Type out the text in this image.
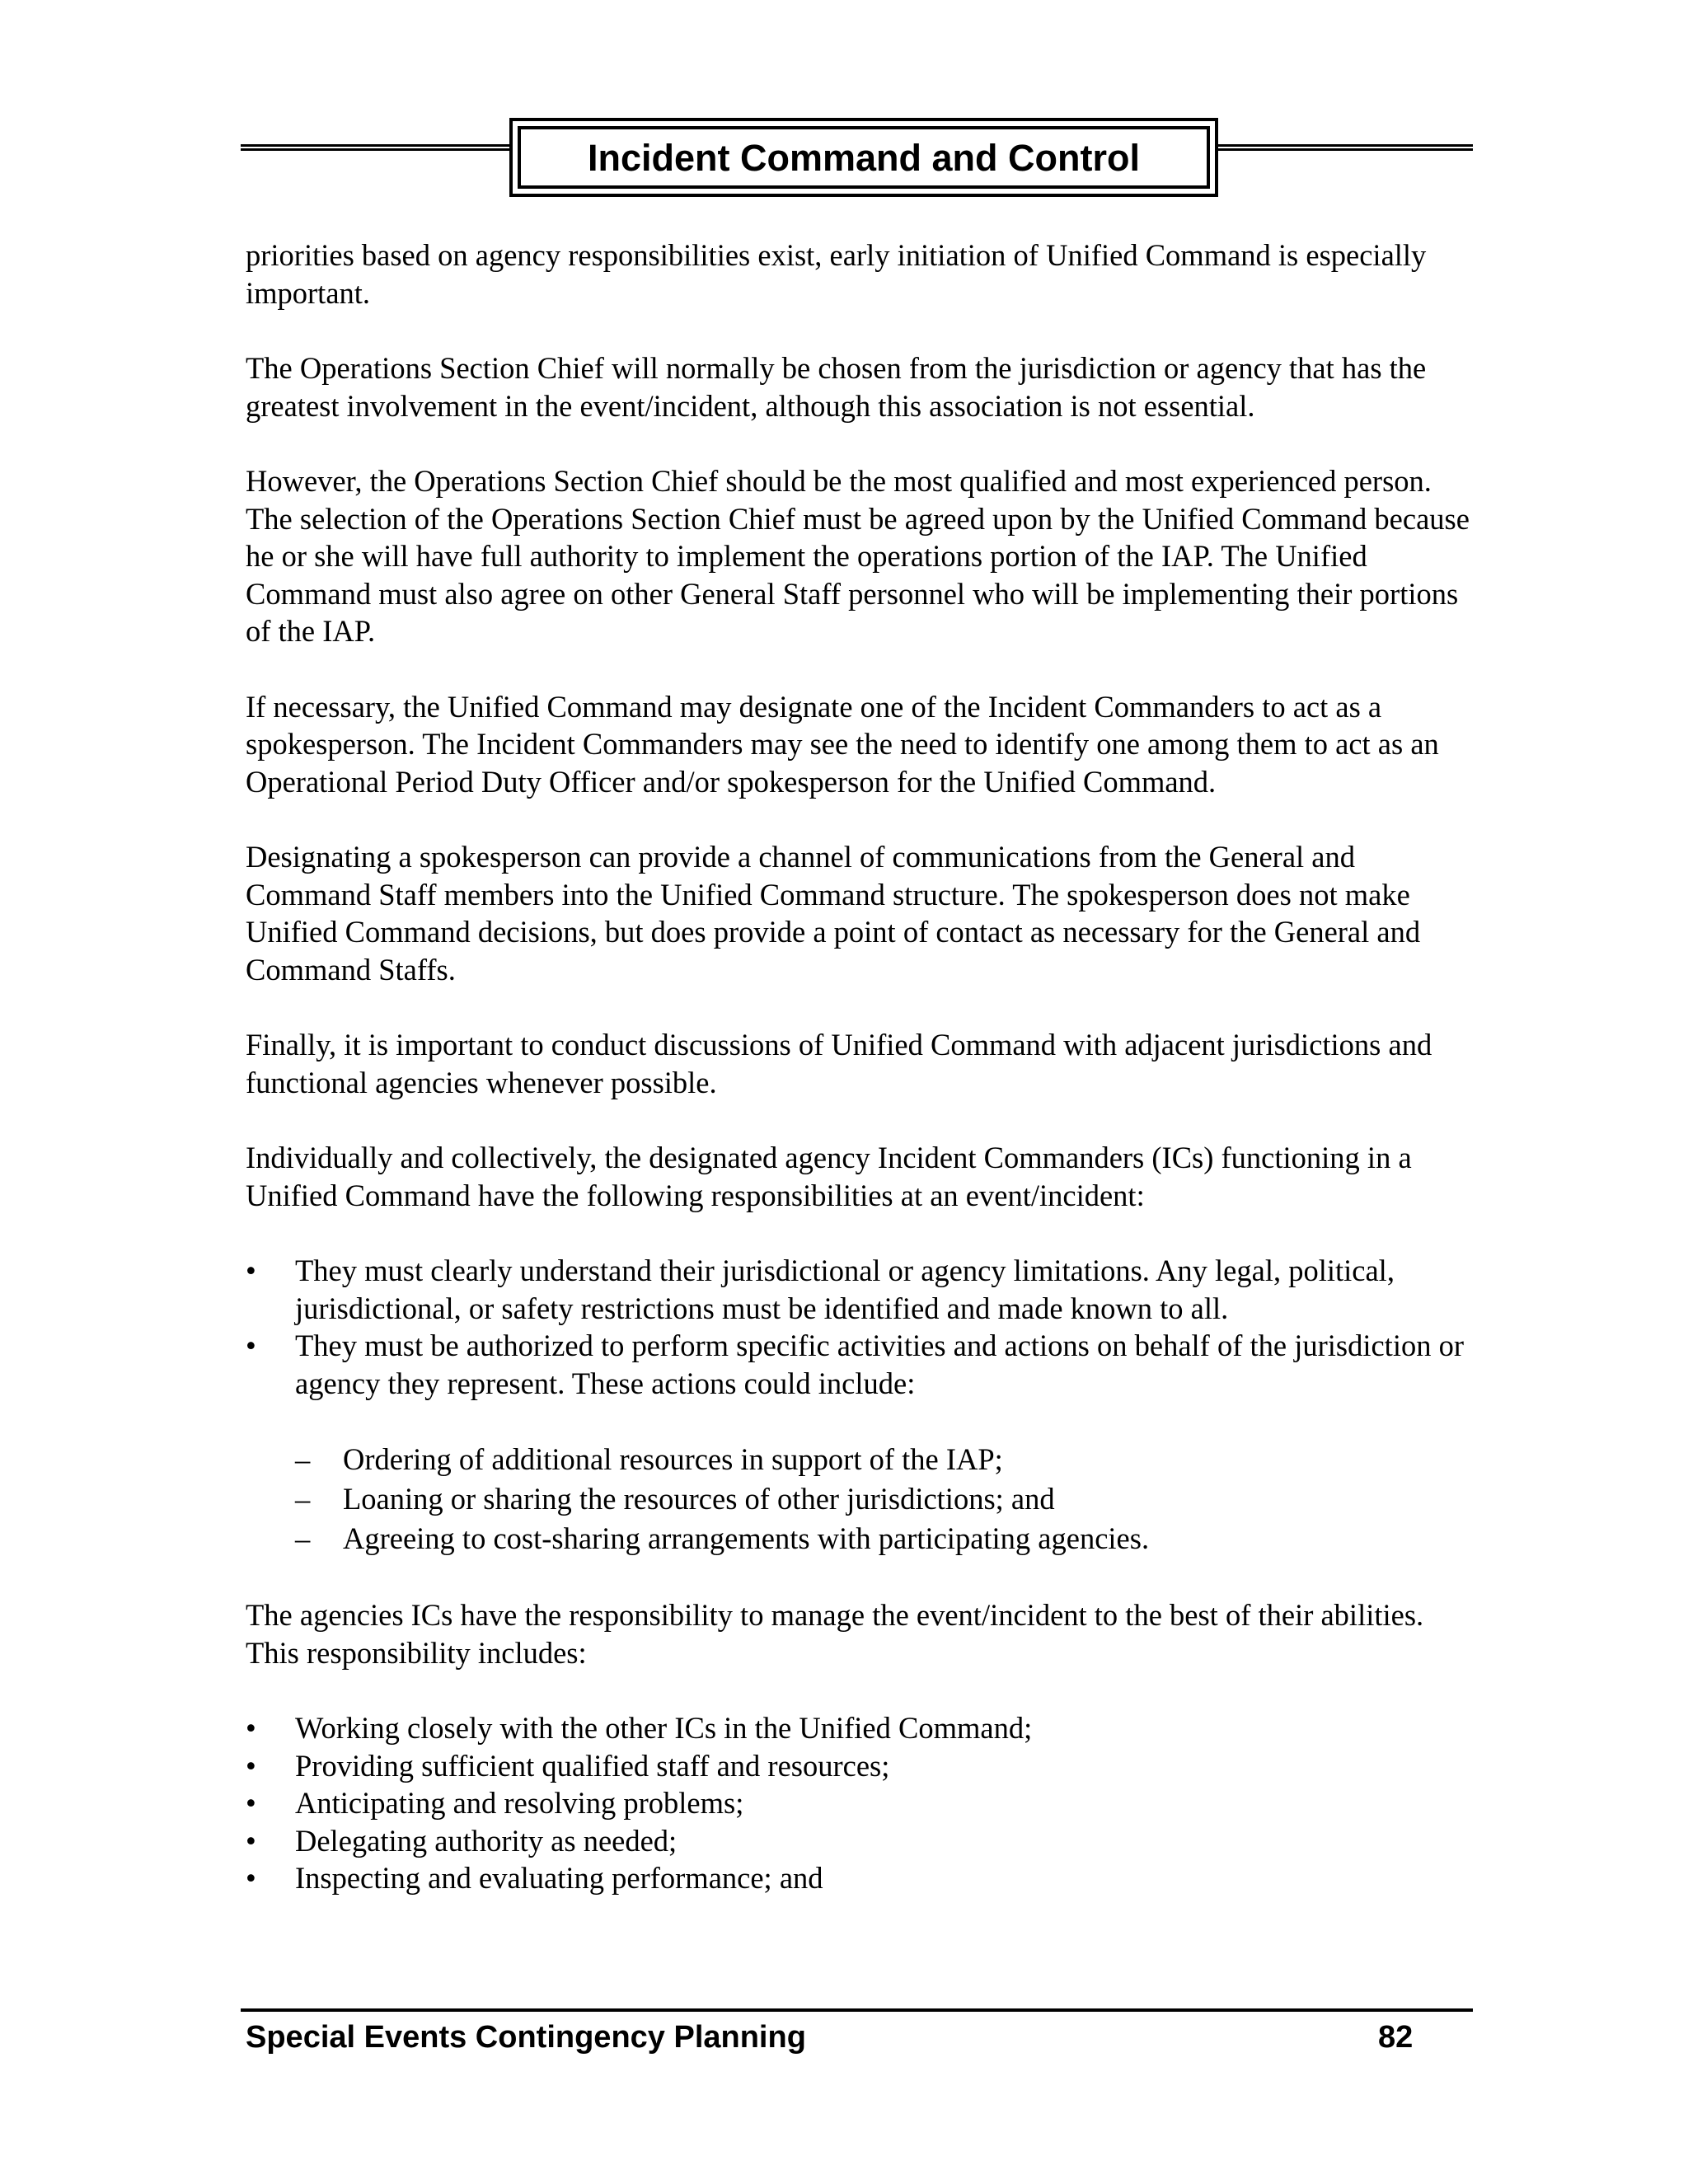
Incident Command and Control

priorities based on agency responsibilities exist, early initiation of Unified Command is especially important.

The Operations Section Chief will normally be chosen from the jurisdiction or agency that has the greatest involvement in the event/incident, although this association is not essential.

However, the Operations Section Chief should be the most qualified and most experienced person. The selection of the Operations Section Chief must be agreed upon by the Unified Command because he or she will have full authority to implement the operations portion of the IAP. The Unified Command must also agree on other General Staff personnel who will be implementing their portions of the IAP.

If necessary, the Unified Command may designate one of the Incident Commanders to act as a spokesperson. The Incident Commanders may see the need to identify one among them to act as an Operational Period Duty Officer and/or spokesperson for the Unified Command.

Designating a spokesperson can provide a channel of communications from the General and Command Staff members into the Unified Command structure. The spokesperson does not make Unified Command decisions, but does provide a point of contact as necessary for the General and Command Staffs.

Finally, it is important to conduct discussions of Unified Command with adjacent jurisdictions and functional agencies whenever possible.

Individually and collectively, the designated agency Incident Commanders (ICs) functioning in a Unified Command have the following responsibilities at an event/incident:

• They must clearly understand their jurisdictional or agency limitations. Any legal, political, jurisdictional, or safety restrictions must be identified and made known to all.
• They must be authorized to perform specific activities and actions on behalf of the jurisdiction or agency they represent. These actions could include:
– Ordering of additional resources in support of the IAP;
– Loaning or sharing the resources of other jurisdictions; and
– Agreeing to cost-sharing arrangements with participating agencies.

The agencies ICs have the responsibility to manage the event/incident to the best of their abilities. This responsibility includes:

• Working closely with the other ICs in the Unified Command;
• Providing sufficient qualified staff and resources;
• Anticipating and resolving problems;
• Delegating authority as needed;
• Inspecting and evaluating performance; and
Special Events Contingency Planning	82
